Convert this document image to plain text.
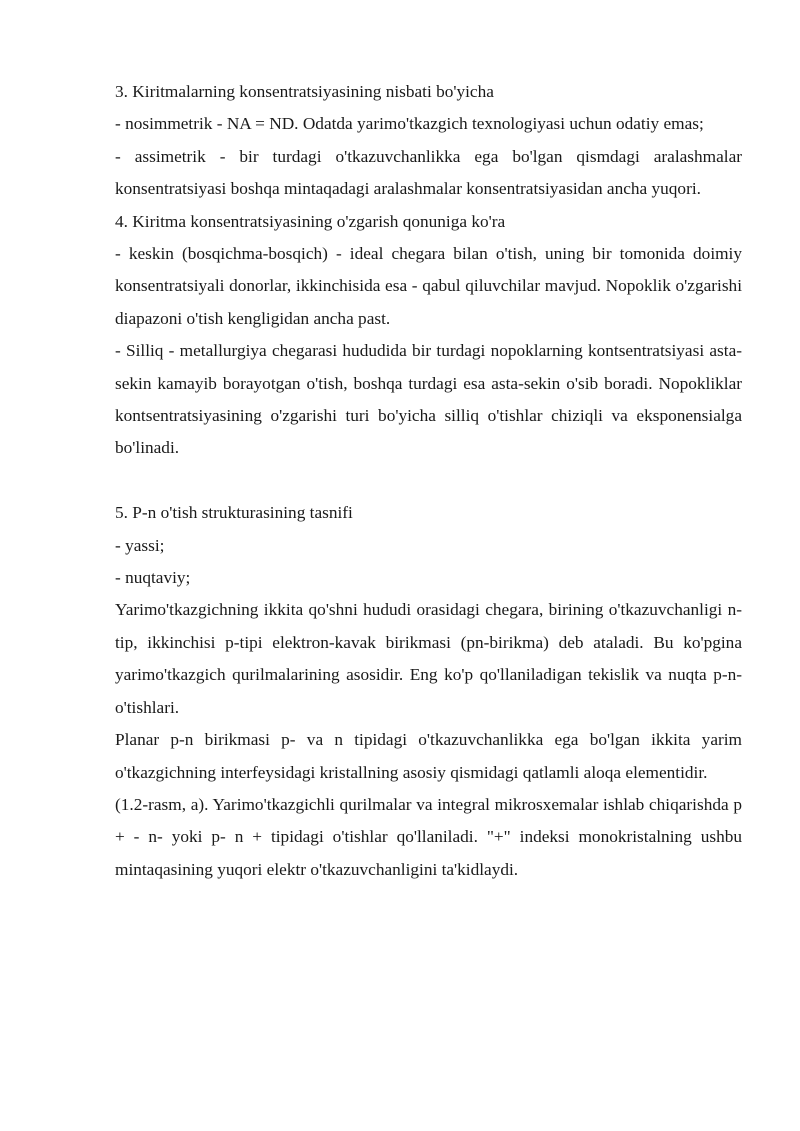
3. Kiritmalarning konsentratsiyasining nisbati bo'yicha

- nosimmetrik - NA = ND. Odatda yarimo'tkazgich texnologiyasi uchun odatiy emas;

- assimetrik - bir turdagi o'tkazuvchanlikka ega bo'lgan qismdagi aralashmalar konsentratsiyasi boshqa mintaqadagi aralashmalar konsentratsiyasidan ancha yuqori.

4. Kiritma konsentratsiyasining o'zgarish qonuniga ko'ra

- keskin (bosqichma-bosqich) - ideal chegara bilan o'tish, uning bir tomonida doimiy konsentratsiyali donorlar, ikkinchisida esa - qabul qiluvchilar mavjud. Nopoklik o'zgarishi diapazoni o'tish kengligidan ancha past.

- Silliq - metallurgiya chegarasi hududida bir turdagi nopoklarning kontsentratsiyasi asta-sekin kamayib borayotgan o'tish, boshqa turdagi esa asta-sekin o'sib boradi. Nopokliklar kontsentratsiyasining o'zgarishi turi bo'yicha silliq o'tishlar chiziqli va eksponensialga bo'linadi.

5. P-n o'tish strukturasining tasnifi

- yassi;

- nuqtaviy;

Yarimo'tkazgichning ikkita qo'shni hududi orasidagi chegara, birining o'tkazuvchanligi n-tip, ikkinchisi p-tipi elektron-kavak birikmasi (pn-birikma) deb ataladi. Bu ko'pgina yarimo'tkazgich qurilmalarining asosidir. Eng ko'p qo'llaniladigan tekislik va nuqta p-n-o'tishlari.

Planar p-n birikmasi p- va n tipidagi o'tkazuvchanlikka ega bo'lgan ikkita yarim o'tkazgichning interfeysidagi kristallning asosiy qismidagi qatlamli aloqa elementidir.

(1.2-rasm, a). Yarimo'tkazgichli qurilmalar va integral mikrosxemalar ishlab chiqarishda p + - n- yoki p- n + tipidagi o'tishlar qo'llaniladi. "+" indeksi monokristalning ushbu mintaqasining yuqori elektr o'tkazuvchanligini ta'kidlaydi.
